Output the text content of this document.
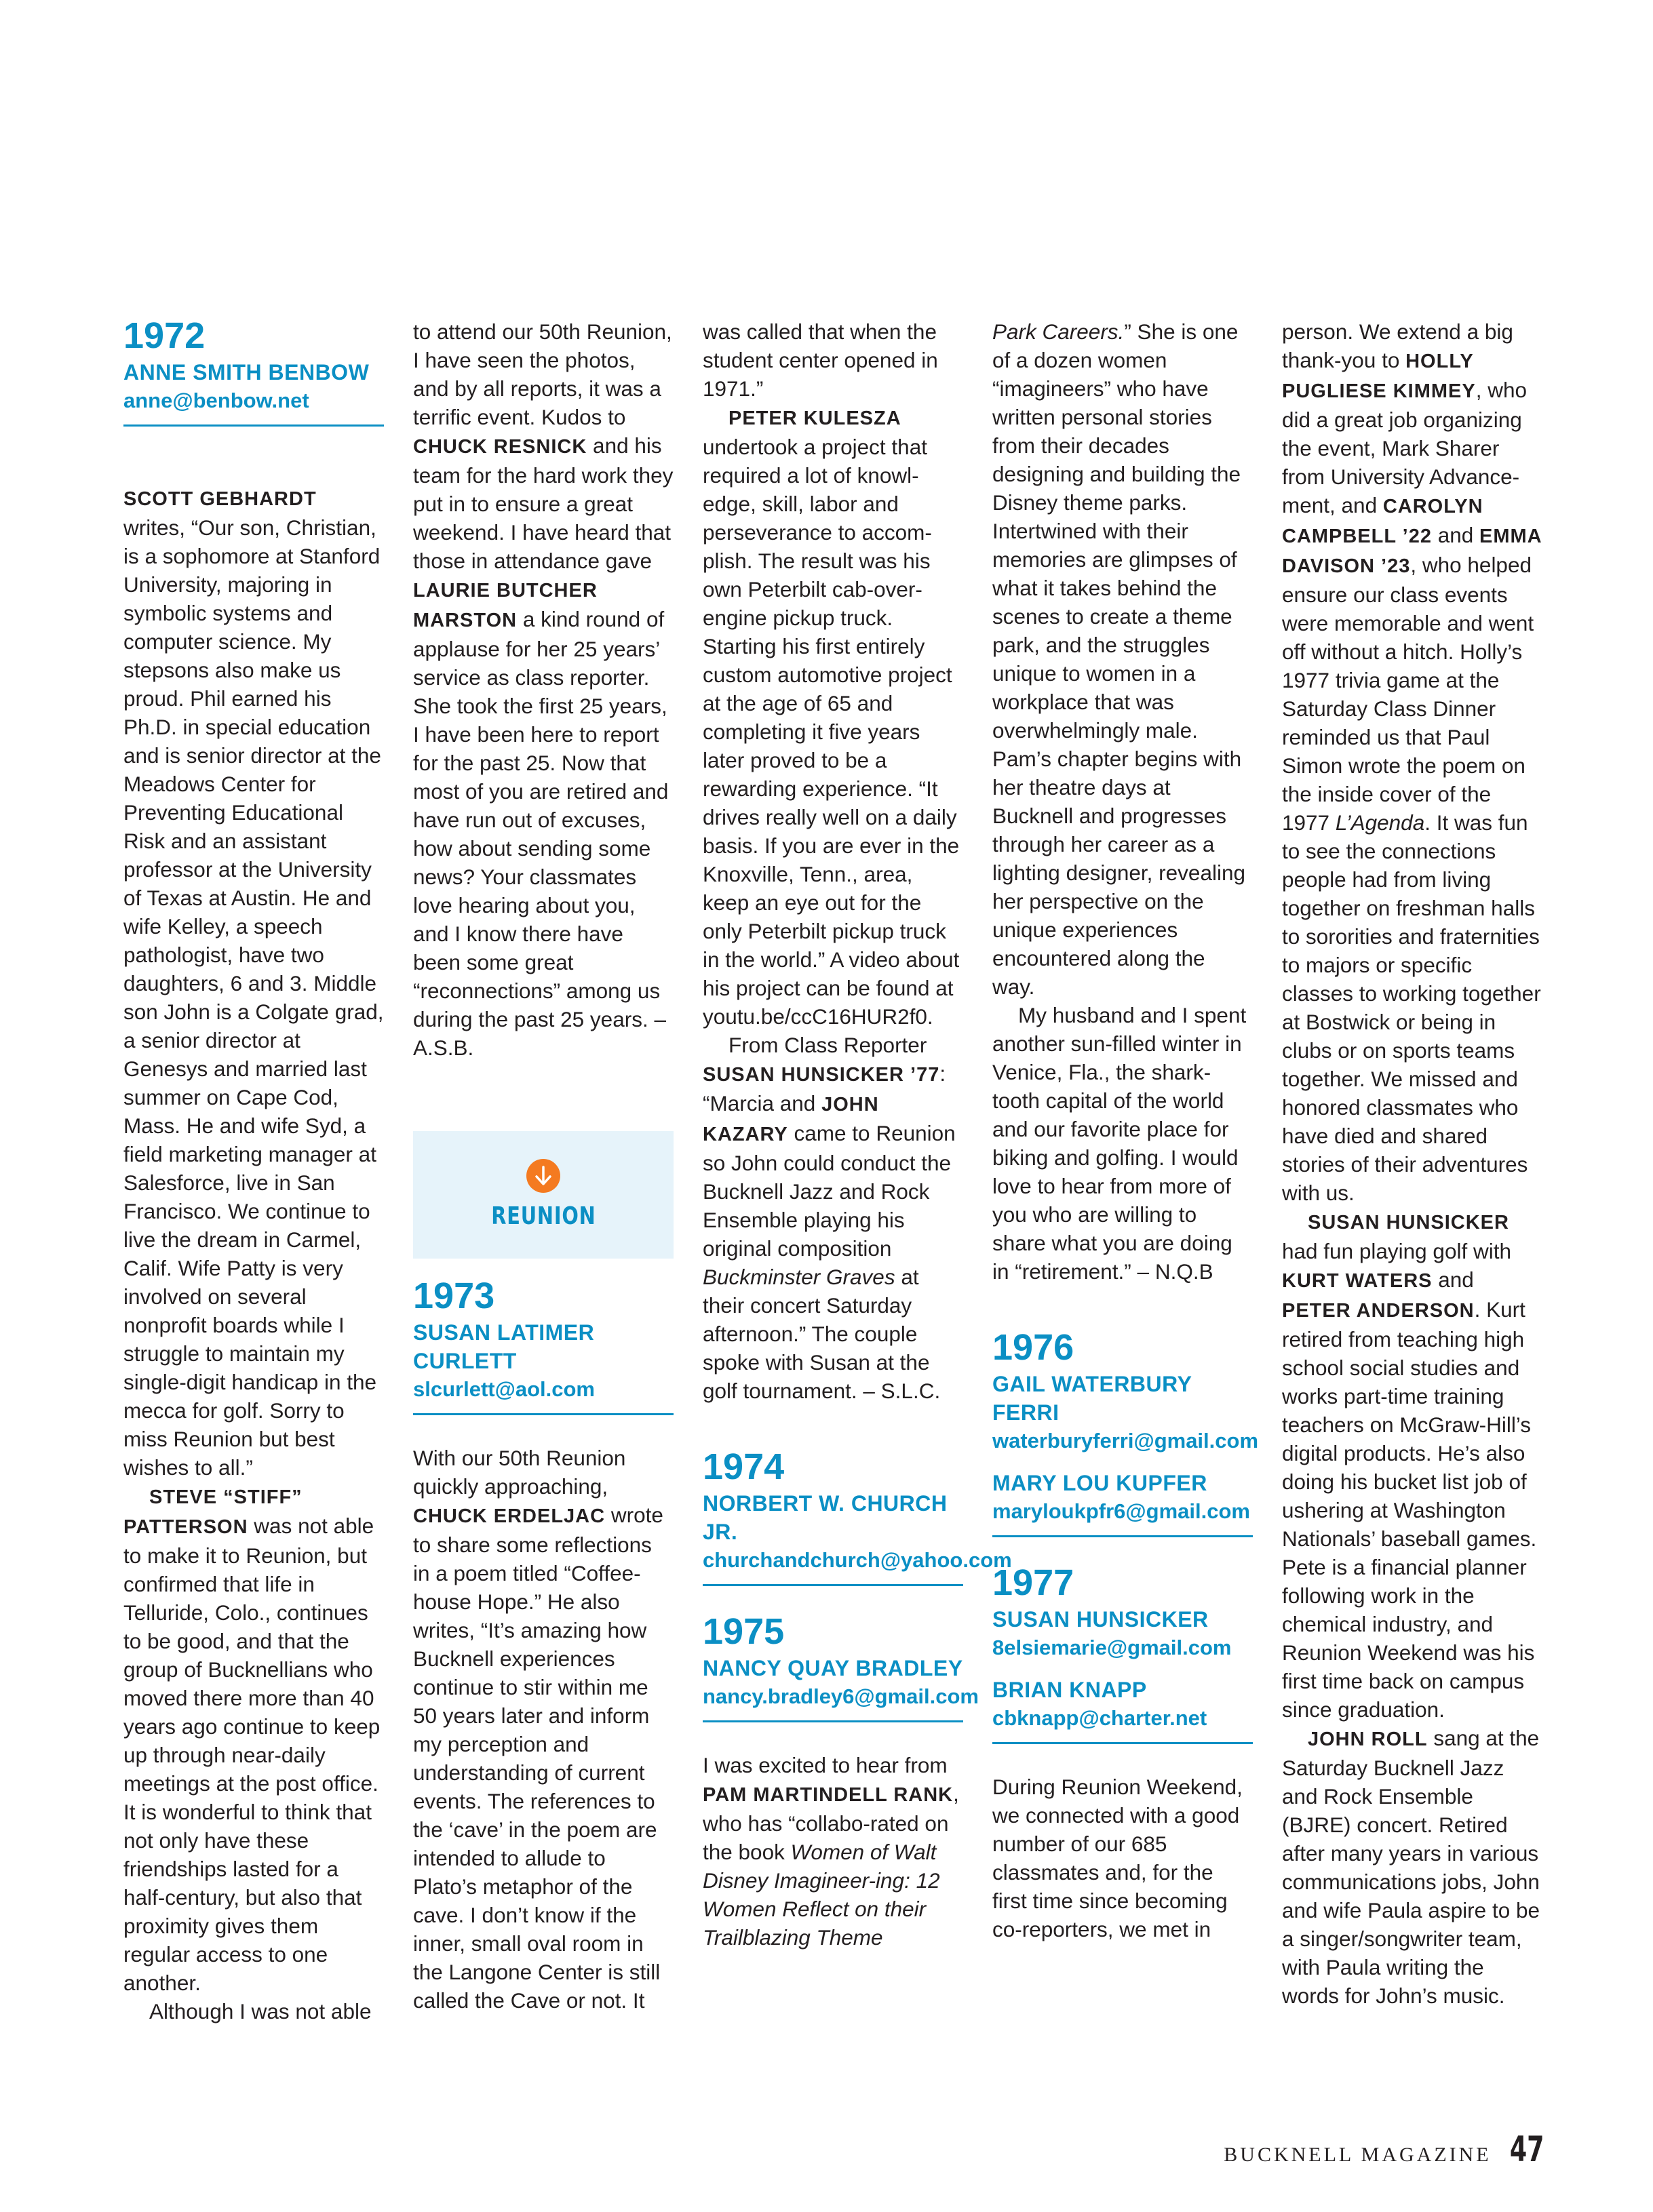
1972
ANNE SMITH BENBOW
anne@benbow.net

SCOTT GEBHARDT writes, “Our son, Christian, is a sophomore at Stanford University, majoring in symbolic systems and computer science. My stepsons also make us proud. Phil earned his Ph.D. in special education and is senior director at the Meadows Center for Preventing Educational Risk and an assistant professor at the University of Texas at Austin. He and wife Kelley, a speech pathologist, have two daughters, 6 and 3. Middle son John is a Colgate grad, a senior director at Genesys and married last summer on Cape Cod, Mass. He and wife Syd, a field marketing manager at Salesforce, live in San Francisco. We continue to live the dream in Carmel, Calif. Wife Patty is very involved on several nonprofit boards while I struggle to maintain my single-digit handicap in the mecca for golf. Sorry to miss Reunion but best wishes to all.”

STEVE “STIFF” PATTERSON was not able to make it to Reunion, but confirmed that life in Telluride, Colo., continues to be good, and that the group of Bucknellians who moved there more than 40 years ago continue to keep up through near-daily meetings at the post office. It is wonderful to think that not only have these friendships lasted for a half-century, but also that proximity gives them regular access to one another.

Although I was not able

to attend our 50th Reunion, I have seen the photos, and by all reports, it was a terrific event. Kudos to CHUCK RESNICK and his team for the hard work they put in to ensure a great weekend. I have heard that those in attendance gave LAURIE BUTCHER MARSTON a kind round of applause for her 25 years’ service as class reporter. She took the first 25 years, I have been here to report for the past 25. Now that most of you are retired and have run out of excuses, how about sending some news? Your classmates love hearing about you, and I know there have been some great “reconnections” among us during the past 25 years. – A.S.B.

REUNION
1973
SUSAN LATIMER CURLETT
slcurlett@aol.com

With our 50th Reunion quickly approaching, CHUCK ERDELJAC wrote to share some reflections in a poem titled “Coffee-house Hope.” He also writes, “It’s amazing how Bucknell experiences continue to stir within me 50 years later and inform my perception and understanding of current events. The references to the ‘cave’ in the poem are intended to allude to Plato’s metaphor of the cave. I don’t know if the inner, small oval room in the Langone Center is still called the Cave or not. It

was called that when the student center opened in 1971.”

PETER KULESZA undertook a project that required a lot of knowl-edge, skill, labor and perseverance to accom-plish. The result was his own Peterbilt cab-over-engine pickup truck. Starting his first entirely custom automotive project at the age of 65 and completing it five years later proved to be a rewarding experience. “It drives really well on a daily basis. If you are ever in the Knoxville, Tenn., area, keep an eye out for the only Peterbilt pickup truck in the world.” A video about his project can be found at youtu.be/ccC16HUR2f0.

From Class Reporter SUSAN HUNSICKER ’77: “Marcia and JOHN KAZARY came to Reunion so John could conduct the Bucknell Jazz and Rock Ensemble playing his original composition Buckminster Graves at their concert Saturday afternoon.” The couple spoke with Susan at the golf tournament. – S.L.C.

1974
NORBERT W. CHURCH JR.
churchandchurch@yahoo.com
1975
NANCY QUAY BRADLEY
nancy.bradley6@gmail.com

I was excited to hear from PAM MARTINDELL RANK, who has “collabo-rated on the book Women of Walt Disney Imagineer-ing: 12 Women Reflect on their Trailblazing Theme

Park Careers.” She is one of a dozen women “imagineers” who have written personal stories from their decades designing and building the Disney theme parks. Intertwined with their memories are glimpses of what it takes behind the scenes to create a theme park, and the struggles unique to women in a workplace that was overwhelmingly male. Pam’s chapter begins with her theatre days at Bucknell and progresses through her career as a lighting designer, revealing her perspective on the unique experiences encountered along the way.

My husband and I spent another sun-filled winter in Venice, Fla., the shark-tooth capital of the world and our favorite place for biking and golfing. I would love to hear from more of you who are willing to share what you are doing in “retirement.” – N.Q.B

1976
GAIL WATERBURY FERRI
waterburyferri@gmail.com
MARY LOU KUPFER
maryloukpfr6@gmail.com
1977
SUSAN HUNSICKER
8elsiemarie@gmail.com
BRIAN KNAPP
cbknapp@charter.net

During Reunion Weekend, we connected with a good number of our 685 classmates and, for the first time since becoming co-reporters, we met in

person. We extend a big thank-you to HOLLY PUGLIESE KIMMEY, who did a great job organizing the event, Mark Sharer from University Advance-ment, and CAROLYN CAMPBELL ’22 and EMMA DAVISON ’23, who helped ensure our class events were memorable and went off without a hitch. Holly’s 1977 trivia game at the Saturday Class Dinner reminded us that Paul Simon wrote the poem on the inside cover of the 1977 L’Agenda. It was fun to see the connections people had from living together on freshman halls to sororities and fraternities to majors or specific classes to working together at Bostwick or being in clubs or on sports teams together. We missed and honored classmates who have died and shared stories of their adventures with us.

SUSAN HUNSICKER had fun playing golf with KURT WATERS and PETER ANDERSON. Kurt retired from teaching high school social studies and works part-time training teachers on McGraw-Hill’s digital products. He’s also doing his bucket list job of ushering at Washington Nationals’ baseball games. Pete is a financial planner following work in the chemical industry, and Reunion Weekend was his first time back on campus since graduation.

JOHN ROLL sang at the Saturday Bucknell Jazz and Rock Ensemble (BJRE) concert. Retired after many years in various communications jobs, John and wife Paula aspire to be a singer/songwriter team, with Paula writing the words for John’s music.

BUCKNELL MAGAZINE 47
